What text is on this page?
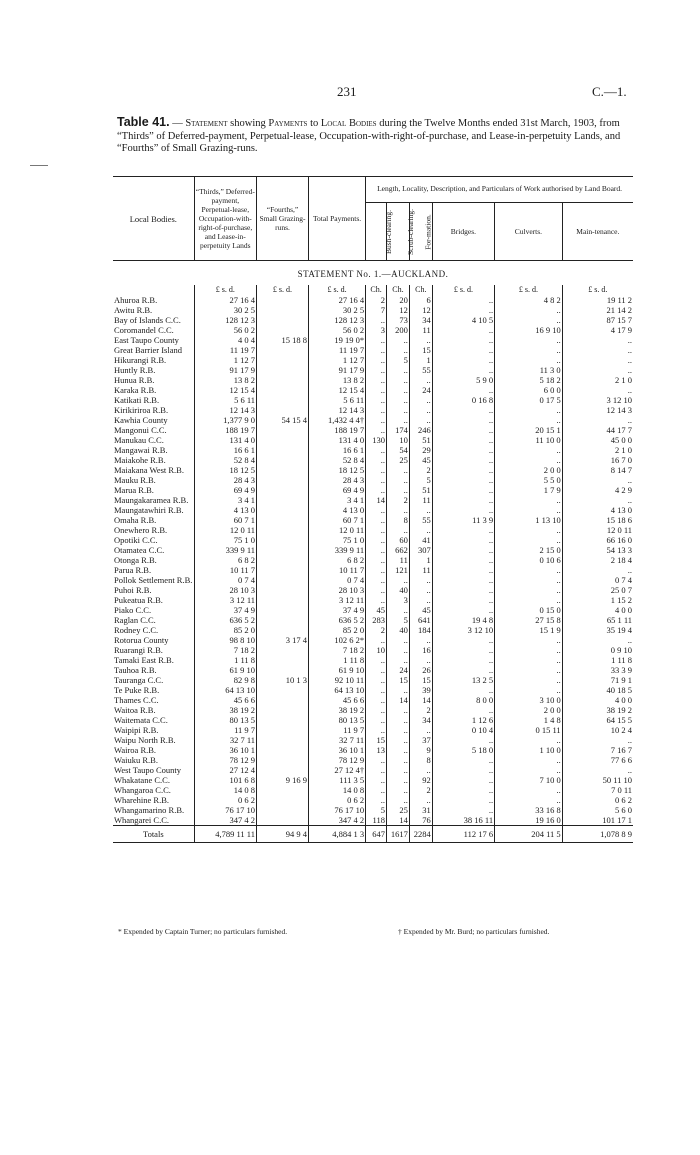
231	C.—1.
Table 41. — Statement showing Payments to Local Bodies during the Twelve Months ended 31st March, 1903, from “Thirds” of Deferred-payment, Perpetual-lease, Occupation-with-right-of-purchase, and Lease-in-perpetuity Lands, and “Fourths” of Small Grazing-runs.
Local Bodies.	“Thirds,” Deferred-payment, Perpetual-lease, Occupation-with-right-of-purchase, and Lease-in-perpetuity Lands	“Fourths,” Small Grazing-runs.	Total Payments.	Length, Locality, Description, and Particulars of Work authorised by Land Board.					
				Bush-clearing.	Scrub-clearing.	For-mation.	Bridges.	Culverts.	Main-tenance.
STATEMENT No. 1.—AUCKLAND.									
	£ s. d.	£ s. d.	£ s. d.	Ch.	Ch.	Ch.	£ s. d.	£ s. d.	£ s. d.
Ahuroa R.B.	27 16 4		27 16 4	2	20	6	..	4 8 2	19 11 2
Awitu R.B.	30 2 5		30 2 5	7	12	12	..	..	21 14 2
Bay of Islands C.C.	128 12 3		128 12 3	..	73	34	4 10 5	..	87 15 7
Coromandel C.C.	56 0 2		56 0 2	3	200	11	..	16 9 10	4 17 9
East Taupo County	4 0 4	15 18 8	19 19 0*	..	..	..	..	..	..
Great Barrier Island	11 19 7		11 19 7	..	..	15	..	..	..
Hikurangi R.B.	1 12 7		1 12 7	..	5	1	..	..	..
Huntly R.B.	91 17 9		91 17 9	..	..	55	..	11 3 0	..
Hunua R.B.	13 8 2		13 8 2	..	..	..	5 9 0	5 18 2	2 1 0
Karaka R.B.	12 15 4		12 15 4	..	..	24	..	6 0 0	..
Katikati R.B.	5 6 11		5 6 11	..	..	..	0 16 8	0 17 5	3 12 10
Kirikiriroa R.B.	12 14 3		12 14 3	..	..	..	..	..	12 14 3
Kawhia County	1,377 9 0	54 15 4	1,432 4 4†	..	..	..	..	..	..
Mangonui C.C.	188 19 7		188 19 7	..	174	246	..	20 15 1	44 17 7
Manukau C.C.	131 4 0		131 4 0	130	10	51	..	11 10 0	45 0 0
Mangawai R.B.	16 6 1		16 6 1	..	54	29	..	..	2 1 0
Maiakohe R.B.	52 8 4		52 8 4	..	25	45	..	..	16 7 0
Maiakana West R.B.	18 12 5		18 12 5	..	..	2	..	2 0 0	8 14 7
Mauku R.B.	28 4 3		28 4 3	..	..	5	..	5 5 0	..
Marua R.B.	69 4 9		69 4 9	..	..	51	..	1 7 9	4 2 9
Maungakaramea R.B.	3 4 1		3 4 1	14	2	11	..	..	..
Maungatawhiri R.B.	4 13 0		4 13 0	..	..	..	..	..	4 13 0
Omaha R.B.	60 7 1		60 7 1	..	8	55	11 3 9	1 13 10	15 18 6
Onewhero R.B.	12 0 11		12 0 11	..	..	..	..	..	12 0 11
Opotiki C.C.	75 1 0		75 1 0	..	60	41	..	..	66 16 0
Otamatea C.C.	339 9 11		339 9 11	..	662	307	..	2 15 0	54 13 3
Otonga R.B.	6 8 2		6 8 2	..	11	1	..	0 10 6	2 18 4
Parua R.B.	10 11 7		10 11 7	..	121	11	..	..	..
Pollok Settlement R.B.	0 7 4		0 7 4	..	..	..	..	..	0 7 4
Puhoi R.B.	28 10 3		28 10 3	..	40	..	..	..	25 0 7
Pukeatua R.B.	3 12 11		3 12 11	..	3	..	..	..	1 15 2
Piako C.C.	37 4 9		37 4 9	45	..	45	..	0 15 0	4 0 0
Raglan C.C.	636 5 2		636 5 2	283	5	641	19 4 8	27 15 8	65 1 11
Rodney C.C.	85 2 0		85 2 0	2	40	184	3 12 10	15 1 9	35 19 4
Rotorua County	98 8 10	3 17 4	102 6 2*	..	..	..	..	..	..
Ruarangi R.B.	7 18 2		7 18 2	10	..	16	..	..	0 9 10
Tamaki East R.B.	1 11 8		1 11 8	..	..	..	..	..	1 11 8
Tauhoa R.B.	61 9 10		61 9 10	..	24	26	..	..	33 3 9
Tauranga C.C.	82 9 8	10 1 3	92 10 11	..	15	15	13 2 5	..	71 9 1
Te Puke R.B.	64 13 10		64 13 10	..	..	39	..	..	40 18 5
Thames C.C.	45 6 6		45 6 6	..	14	14	8 0 0	3 10 0	4 0 0
Waitoa R.B.	38 19 2		38 19 2	..	..	2	..	2 0 0	38 19 2
Waitemata C.C.	80 13 5		80 13 5	..	..	34	1 12 6	1 4 8	64 15 5
Waipipi R.B.	11 9 7		11 9 7	..	..	..	0 10 4	0 15 11	10 2 4
Waipu North R.B.	32 7 11		32 7 11	15	..	37	..	..	..
Wairoa R.B.	36 10 1		36 10 1	13	..	9	5 18 0	1 10 0	7 16 7
Waiuku R.B.	78 12 9		78 12 9	..	..	8	..	..	77 6 6
West Taupo County	27 12 4		27 12 4†	..	..	..	..	..	..
Whakatane C.C.	101 6 8	9 16 9	111 3 5	..	..	92	..	7 10 0	50 11 10
Whangaroa C.C.	14 0 8		14 0 8	..	..	2	..	..	7 0 11
Wharehine R.B.	0 6 2		0 6 2	..	..	..	..	..	0 6 2
Whangamarino R.B.	76 17 10		76 17 10	5	25	31	..	33 16 8	5 6 0
Whangarei C.C.	347 4 2		347 4 2	118	14	76	38 16 11	19 16 0	101 17 1
Totals	4,789 11 11	94 9 4	4,884 1 3	647	1617	2284	112 17 6	204 11 5	1,078 8 9
* Expended by Captain Turner; no particulars furnished.	† Expended by Mr. Burd; no particulars furnished.
